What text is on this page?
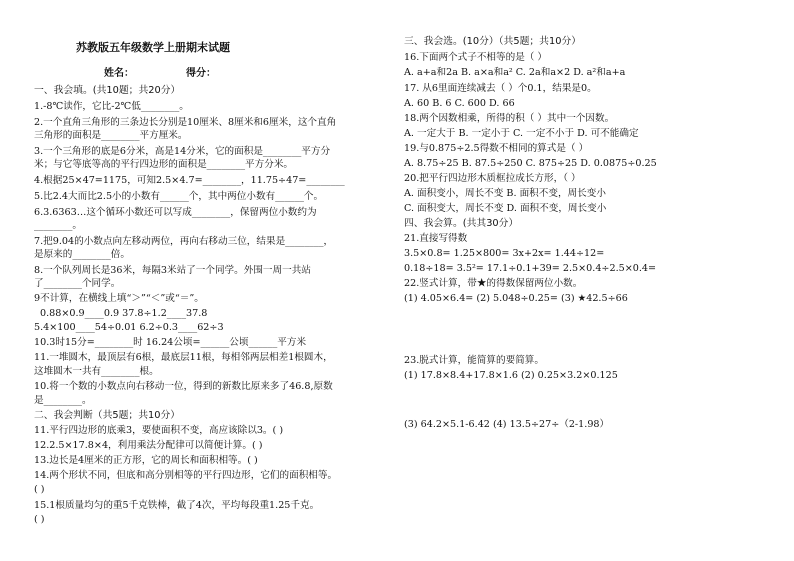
苏教版五年级数学上册期末试题
姓名：	得分：
一、我会填。(共10题；共20分）
1.-8℃读作，它比-2℃低________。
2.一个直角三角形的三条边长分别是10厘米、8厘米和6厘米，这个直角
三角形的面积是________平方厘米。
3.一个三角形的底是6分米，高是14分米，它的面积是________平方分
米；与它等底等高的平行四边形的面积是________平方分米。
4.根据25×47=1175，可知2.5×4.7=________，11.75÷47=________
5.比2.4大而比2.5小的小数有______个，其中两位小数有______个。
6.3.6363…这个循环小数还可以写成________，保留两位小数约为
________。
7.把9.04的小数点向左移动两位，再向右移动三位，结果是________，
是原来的________倍。
8.一个队列周长是36米，每隔3米站了一个同学。外围一周一共站
了________个同学。
9不计算，在横线上填“＞”“＜”或“＝”。
0.88×0.9____0.9 37.8÷1.2____37.8
5.4×100____54÷0.01 6.2÷0.3____62÷3
10.3时15分=________时 16.24公顷=______公顷______平方米
11.一堆圆木，最顶层有6根，最底层11根，每相邻两层相差1根圆木，
这堆圆木一共有________根。
10.将一个数的小数点向右移动一位，得到的新数比原来多了46.8,原数
是________。
二、我会判断（共5题；共10分）
11.平行四边形的底乘3，要使面积不变，高应该除以3。( )
12.2.5×17.8×4，利用乘法分配律可以简便计算。( )
13.边长是4厘米的正方形，它的周长和面积相等。( )
14.两个形状不同，但底和高分别相等的平行四边形，它们的面积相等。
( )
15.1根质量均匀的重5千克铁棒，截了4次，平均每段重1.25千克。
( )
三、我会选。(10分）（共5题；共10分）
16.下面两个式子不相等的是（ ）
A. a+a和2a B. a×a和a² C. 2a和a×2 D. a²和a+a
17. 从6里面连续减去（ ）个0.1，结果是0。
A. 60 B. 6 C. 600 D. 66
18.两个因数相乘，所得的积（ ）其中一个因数。
A. 一定大于 B. 一定小于 C. 一定不小于 D. 可不能确定
19.与0.875÷2.5得数不相同的算式是（ ）
A. 8.75÷25 B. 87.5÷250 C. 875÷25 D. 0.0875÷0.25
20.把平行四边形木质框拉成长方形，（ ）
A. 面积变小，周长不变 B. 面积不变，周长变小
C. 面积变大，周长不变 D. 面积不变，周长变小
四、我会算。(共其30分）
21.直接写得数
3.5×0.8= 1.25×800= 3x+2x= 1.44÷12=
0.18÷18= 3.5²= 17.1÷0.1+39= 2.5×0.4÷2.5×0.4=
22.竖式计算，带★的得数保留两位小数。
(1) 4.05×6.4= (2) 5.048÷0.25= (3) ★42.5÷66
23.脱式计算，能简算的要简算。
(1) 17.8×8.4+17.8×1.6 (2) 0.25×3.2×0.125
(3) 64.2×5.1-6.42 (4) 13.5÷27÷（2-1.98）
